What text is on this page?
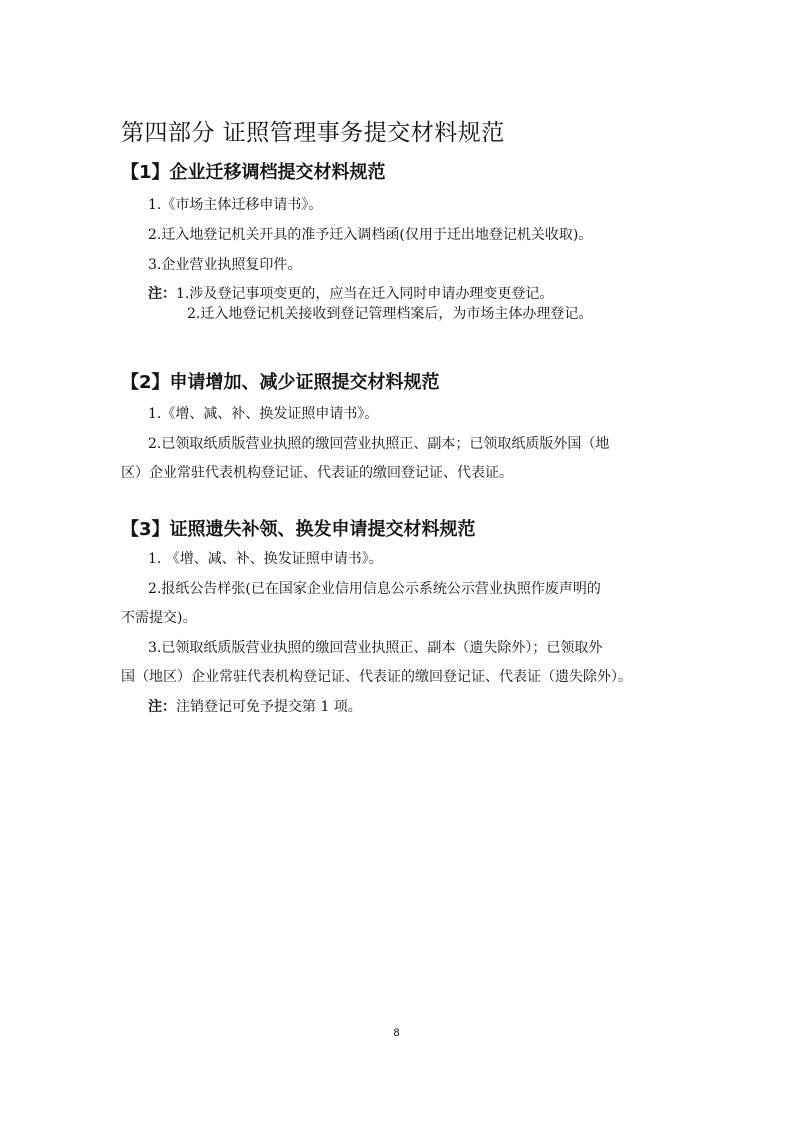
第四部分 证照管理事务提交材料规范
【1】企业迁移调档提交材料规范
1.《市场主体迁移申请书》。
2.迁入地登记机关开具的准予迁入调档函(仅用于迁出地登记机关收取)。
3.企业营业执照复印件。
注：1.涉及登记事项变更的，应当在迁入同时申请办理变更登记。
2.迁入地登记机关接收到登记管理档案后，为市场主体办理登记。
【2】申请增加、减少证照提交材料规范
1.《增、减、补、换发证照申请书》。
2.已领取纸质版营业执照的缴回营业执照正、副本；已领取纸质版外国（地
区）企业常驻代表机构登记证、代表证的缴回登记证、代表证。
【3】证照遗失补领、换发申请提交材料规范
1. 《增、减、补、换发证照申请书》。
2.报纸公告样张(已在国家企业信用信息公示系统公示营业执照作废声明的
不需提交)。
3.已领取纸质版营业执照的缴回营业执照正、副本（遗失除外）；已领取外
国（地区）企业常驻代表机构登记证、代表证的缴回登记证、代表证（遗失除外）。
注：注销登记可免予提交第 1 项。
8
